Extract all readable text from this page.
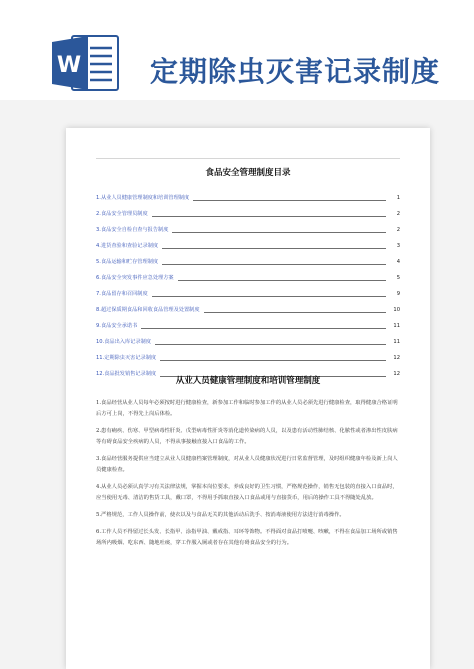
W 定期除虫灭害记录制度
食品安全管理制度目录
1.从业人员健康管理制度和培训管理制度	1
2.食品安全管理员制度	2
3.食品安全自检自查与报告制度	2
4.进货查验和查验记录制度	3
5.食品运输和贮存管理制度	4
6.食品安全突发事件应急处理方案	5
7.食品留存和召回制度	9
8.超过保质期食品和回收食品管理及处置制度	10
9.食品安全承诺书	11
10.食品出入库记录制度	11
11.定期除虫灭害记录制度	12
12.食品批发销售记录制度	12
从业人员健康管理制度和培训管理制度

1.食品经营从业人员每年必须按时进行健康检查，新参加工作和临时参加工作的从业人员必须先进行健康检查，取得健康合格证明后方可上岗，不得先上岗后体检。

2.患有痢疾、伤寒、甲型病毒性肝炎、戊型病毒性肝炎等消化道传染病的人员，以及患有活动性肺结核、化脓性或者渗出性皮肤病等有碍食品安全疾病的人员，不得从事接触直接入口食品的工作。

3.食品经营服务提供应当建立从业人员健康档案管理制度，对从业人员健康状况进行日常监督管理，及时组织健康年检及新上岗人员健康检查。

4.从业人员必须认真学习有关法律法规，掌握本岗位要求，养成良好的卫生习惯，严格规范操作，销售无包装的直接入口食品时，应当使用无毒、清洁的售货工具，戴口罩，不得用手抓取直接入口食品或用与直接货币，用后的操作工具不得随处乱放。

5.严格规范，工作人员操作前，使衣以及与食品无关的其他活动后洗手、按消毒液使用方法进行消毒操作。

6.工作人员不得留过长头发、长指甲、涂指甲油、戴戒指、耳环等饰物。不得面对食品打喷嚏、咳嗽，不得在食品加工场所或销售场所内吸烟、吃东西、随地吐痰，穿工作服入厕或者存在其他有碍食品安全的行为。
